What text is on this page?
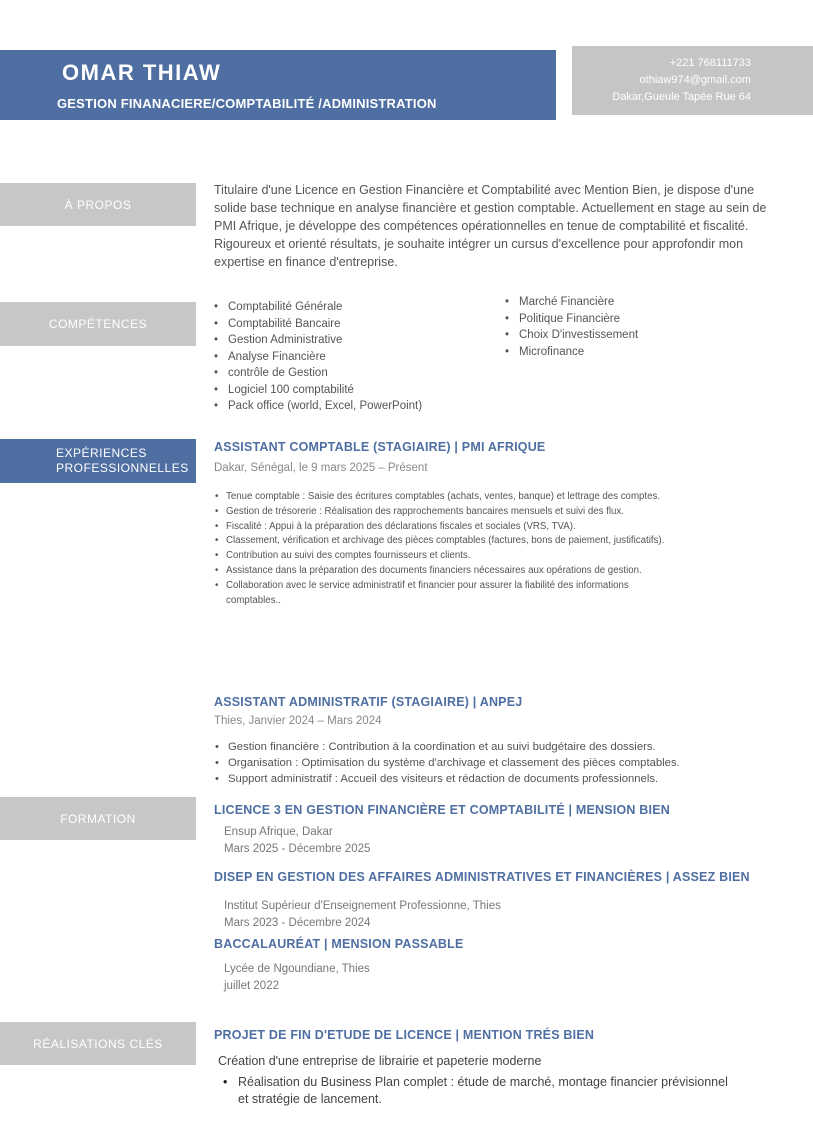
OMAR THIAW
GESTION FINANACIERE/COMPTABILITÉ /ADMINISTRATION
+221 768111733
othiaw974@gmail.com
Dakar,Gueule Tapée Rue 64
À PROPOS
Titulaire d'une Licence en Gestion Financière et Comptabilité avec Mention Bien, je dispose d'une solide base technique en analyse financière et gestion comptable. Actuellement en stage au sein de PMI Afrique, je développe des compétences opérationnelles en tenue de comptabilité et fiscalité. Rigoureux et orienté résultats, je souhaite intégrer un cursus d'excellence pour approfondir mon expertise en finance d'entreprise.
COMPÉTENCES
• Comptabilité Générale
• Comptabilité Bancaire
• Gestion Administrative
• Analyse Financière
• contrôle de Gestion
• Logiciel 100 comptabilité
• Pack office (world, Excel, PowerPoint)
• Marché Financière
• Politique Financière
• Choix D'investissement
• Microfinance
EXPÉRIENCES
PROFESSIONNELLES
ASSISTANT COMPTABLE (STAGIAIRE) | PMI AFRIQUE
Dakar, Sénégal, le 9 mars 2025 – Présent
• Tenue comptable : Saisie des écritures comptables (achats, ventes, banque) et lettrage des comptes.
• Gestion de trésorerie : Réalisation des rapprochements bancaires mensuels et suivi des flux.
• Fiscalité : Appui à la préparation des déclarations fiscales et sociales (VRS, TVA).
• Classement, vérification et archivage des pièces comptables (factures, bons de paiement, justificatifs).
• Contribution au suivi des comptes fournisseurs et clients.
• Assistance dans la préparation des documents financiers nécessaires aux opérations de gestion.
• Collaboration avec le service administratif et financier pour assurer la fiabilité des informations comptables..
ASSISTANT ADMINISTRATIF (STAGIAIRE) | ANPEJ
Thies, Janvier 2024 – Mars 2024
• Gestion financière : Contribution à la coordination et au suivi budgétaire des dossiers.
• Organisation : Optimisation du système d'archivage et classement des pièces comptables.
• Support administratif : Accueil des visiteurs et rédaction de documents professionnels.
FORMATION
LICENCE 3 EN GESTION FINANCIÈRE ET COMPTABILITÉ | MENSION BIEN
Ensup Afrique, Dakar
Mars 2025 - Décembre 2025
DISEP EN GESTION DES AFFAIRES ADMINISTRATIVES ET FINANCIÈRES | ASSEZ BIEN
Institut Supérieur d'Enseignement Professionne, Thies
Mars 2023 - Décembre 2024
BACCALAURÉAT | MENSION PASSABLE
Lycée de Ngoundiane, Thies
juillet 2022
RÉALISATIONS CLÉS
PROJET DE FIN D'ETUDE DE LICENCE | MENTION TRÉS BIEN
Création d'une entreprise de librairie et papeterie moderne
• Réalisation du Business Plan complet : étude de marché, montage financier prévisionnel et stratégie de lancement.
